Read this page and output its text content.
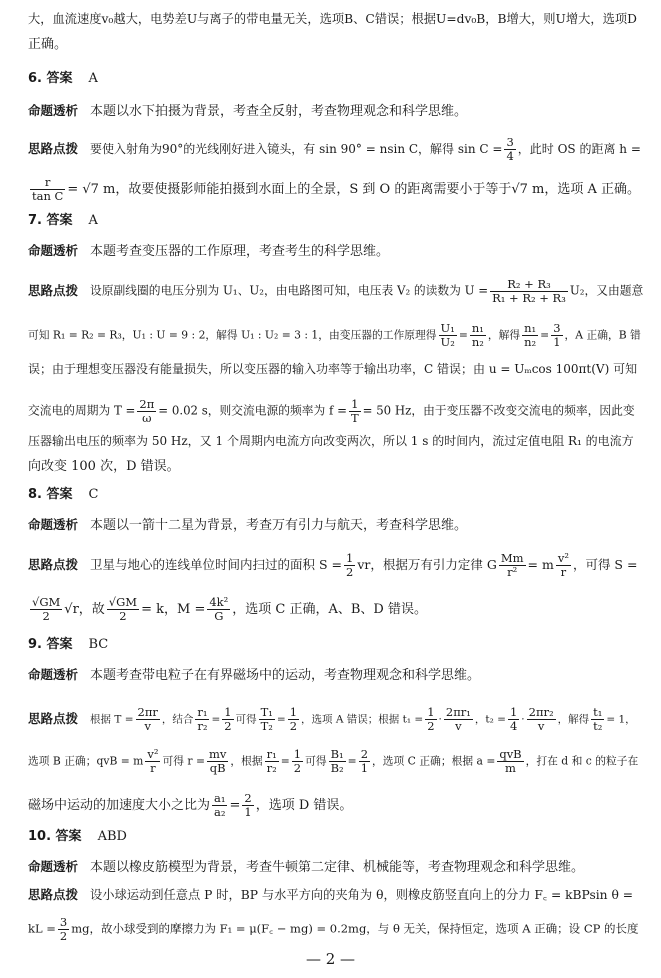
大，血流速度v₀越大，电势差U与离子的带电量无关，选项B、C错误；根据U=dv₀B，B增大，则U增大，选项D
正确。
6. 答案 A
命题透析 本题以水下拍摄为背景，考查全反射，考查物理观念和科学思维。
思路点拨 要使入射角为90°的光线刚好进入镜头，有 sin 90° = nsin C，解得 $\sin C = \frac{3}{4}$ ，此时 OS 的距离 h =
$\frac{r}{\text{tan C}} = √7$ m，故要使摄影师能拍摄到水面上的全景，S 到 O 的距离需要小于等于√7 m，选项 A 正确。
7. 答案 A
命题透析 本题考查变压器的工作原理，考查考生的科学思维。
思路点拨 设原副线圈的电压分别为 U₁、U₂，由电路图可知，电压表 V₂ 的读数为 $U = \frac{\text{R₂ + R₃}}{\text{R₁ + R₂ + R₃}} U_2$，又由题意
可知 R₁ = R₂ = R₃，U₁ : U = 9 : 2，解得 U₁ : U₂ = 3 : 1，由变压器的工作原理得 $\frac{\text{U₁}}{\text{U₂}} = \frac{\text{n₁}}{\text{n₂}}$ ，解得 $\frac{\text{n₁}}{\text{n₂}} = \frac{3}{1}$ ，A 正确，B 错
误；由于理想变压器没有能量损失，所以变压器的输入功率等于输出功率，C 错误；由 u = Uₘcos 100πt(V) 可知
交流电的周期为 $T = \frac{2\pi}{\omega} = 0.02$ s，则交流电源的频率为 $f = \frac{1}{T} = 50$ Hz，由于变压器不改变交流电的频率，因此变
压器输出电压的频率为 50 Hz，又 1 个周期内电流方向改变两次，所以 1 s 的时间内，流过定值电阻 R₁ 的电流方
向改变 100 次，D 错误。
8. 答案 C
命题透析 本题以一箭十二星为背景，考查万有引力与航天，考查科学思维。
思路点拨 卫星与地心的连线单位时间内扫过的面积 $S = \frac{1}{2}$ vr，根据万有引力定律 G $\frac{Mm}{\text{r²}} = m \frac{\text{v²}}{r}$ ，可得 S =
$\frac{√GM}{2} √r$，故 $\frac{√GM}{2} = k$，$M = \frac{\text{4k²}}{G}$ ，选项 C 正确，A、B、D 错误。
9. 答案 BC
命题透析 本题考查带电粒子在有界磁场中的运动，考查物理观念和科学思维。
思路点拨 根据 $T = \frac{2\pi r}{v}$ ，结合 $\frac{\text{r₁}}{\text{r₂}} = \frac{1}{2}$ 可得 $\frac{\text{T₁}}{\text{T₂}} = \frac{1}{2}$ ，选项 A 错误；根据 $t_1 = \frac{1}{2} \cdot \frac{\text{2πr₁}}{v}$ ，$t_2 = \frac{1}{4} \cdot \frac{\text{2πr₂}}{v}$ ，解得 $\frac{\text{t₁}}{\text{t₂}} = 1$，
选项 B 正确；qvB = m $\frac{\text{v²}}{r}$ 可得 $r = \frac{mv}{qB}$ ，根据 $\frac{\text{r₁}}{\text{r₂}} = \frac{1}{2}$ 可得 $\frac{\text{B₁}}{\text{B₂}} = \frac{2}{1}$ ，选项 C 正确；根据 $a = \frac{\text{qvB}}{m}$ ，打在 d 和 c 的粒子在
磁场中运动的加速度大小之比为 $\frac{\text{a₁}}{\text{a₂}} = \frac{2}{1}$ ，选项 D 错误。
10. 答案 ABD
命题透析 本题以橡皮筋模型为背景，考查牛顿第二定律、机械能等，考查物理观念和科学思维。
思路点拨 设小球运动到任意点 P 时，BP 与水平方向的夹角为 θ，则橡皮筋竖直向上的分力 F꜀ = kBPsin θ =
kL = $\frac{3}{2}$ mg，故小球受到的摩擦力为 F₁ = μ(F꜀ − mg) = 0.2mg，与 θ 无关，保持恒定，选项 A 正确；设 CP 的长度
— 2 —
